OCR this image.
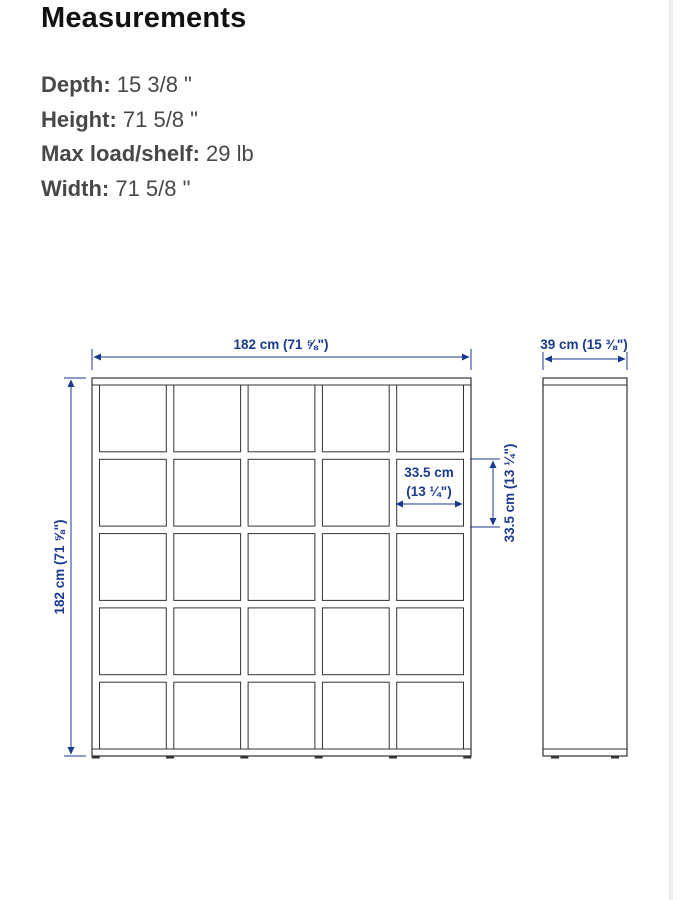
Measurements
Depth: 15 3/8 "
Height: 71 5/8 "
Max load/shelf: 29 lb
Width: 71 5/8 "
182 cm (71 ⅝")	39 cm (15 ⅜")
182 cm (71 ⅝")
33.5 cm
(13 ¼")	33.5 cm (13 ¼")
